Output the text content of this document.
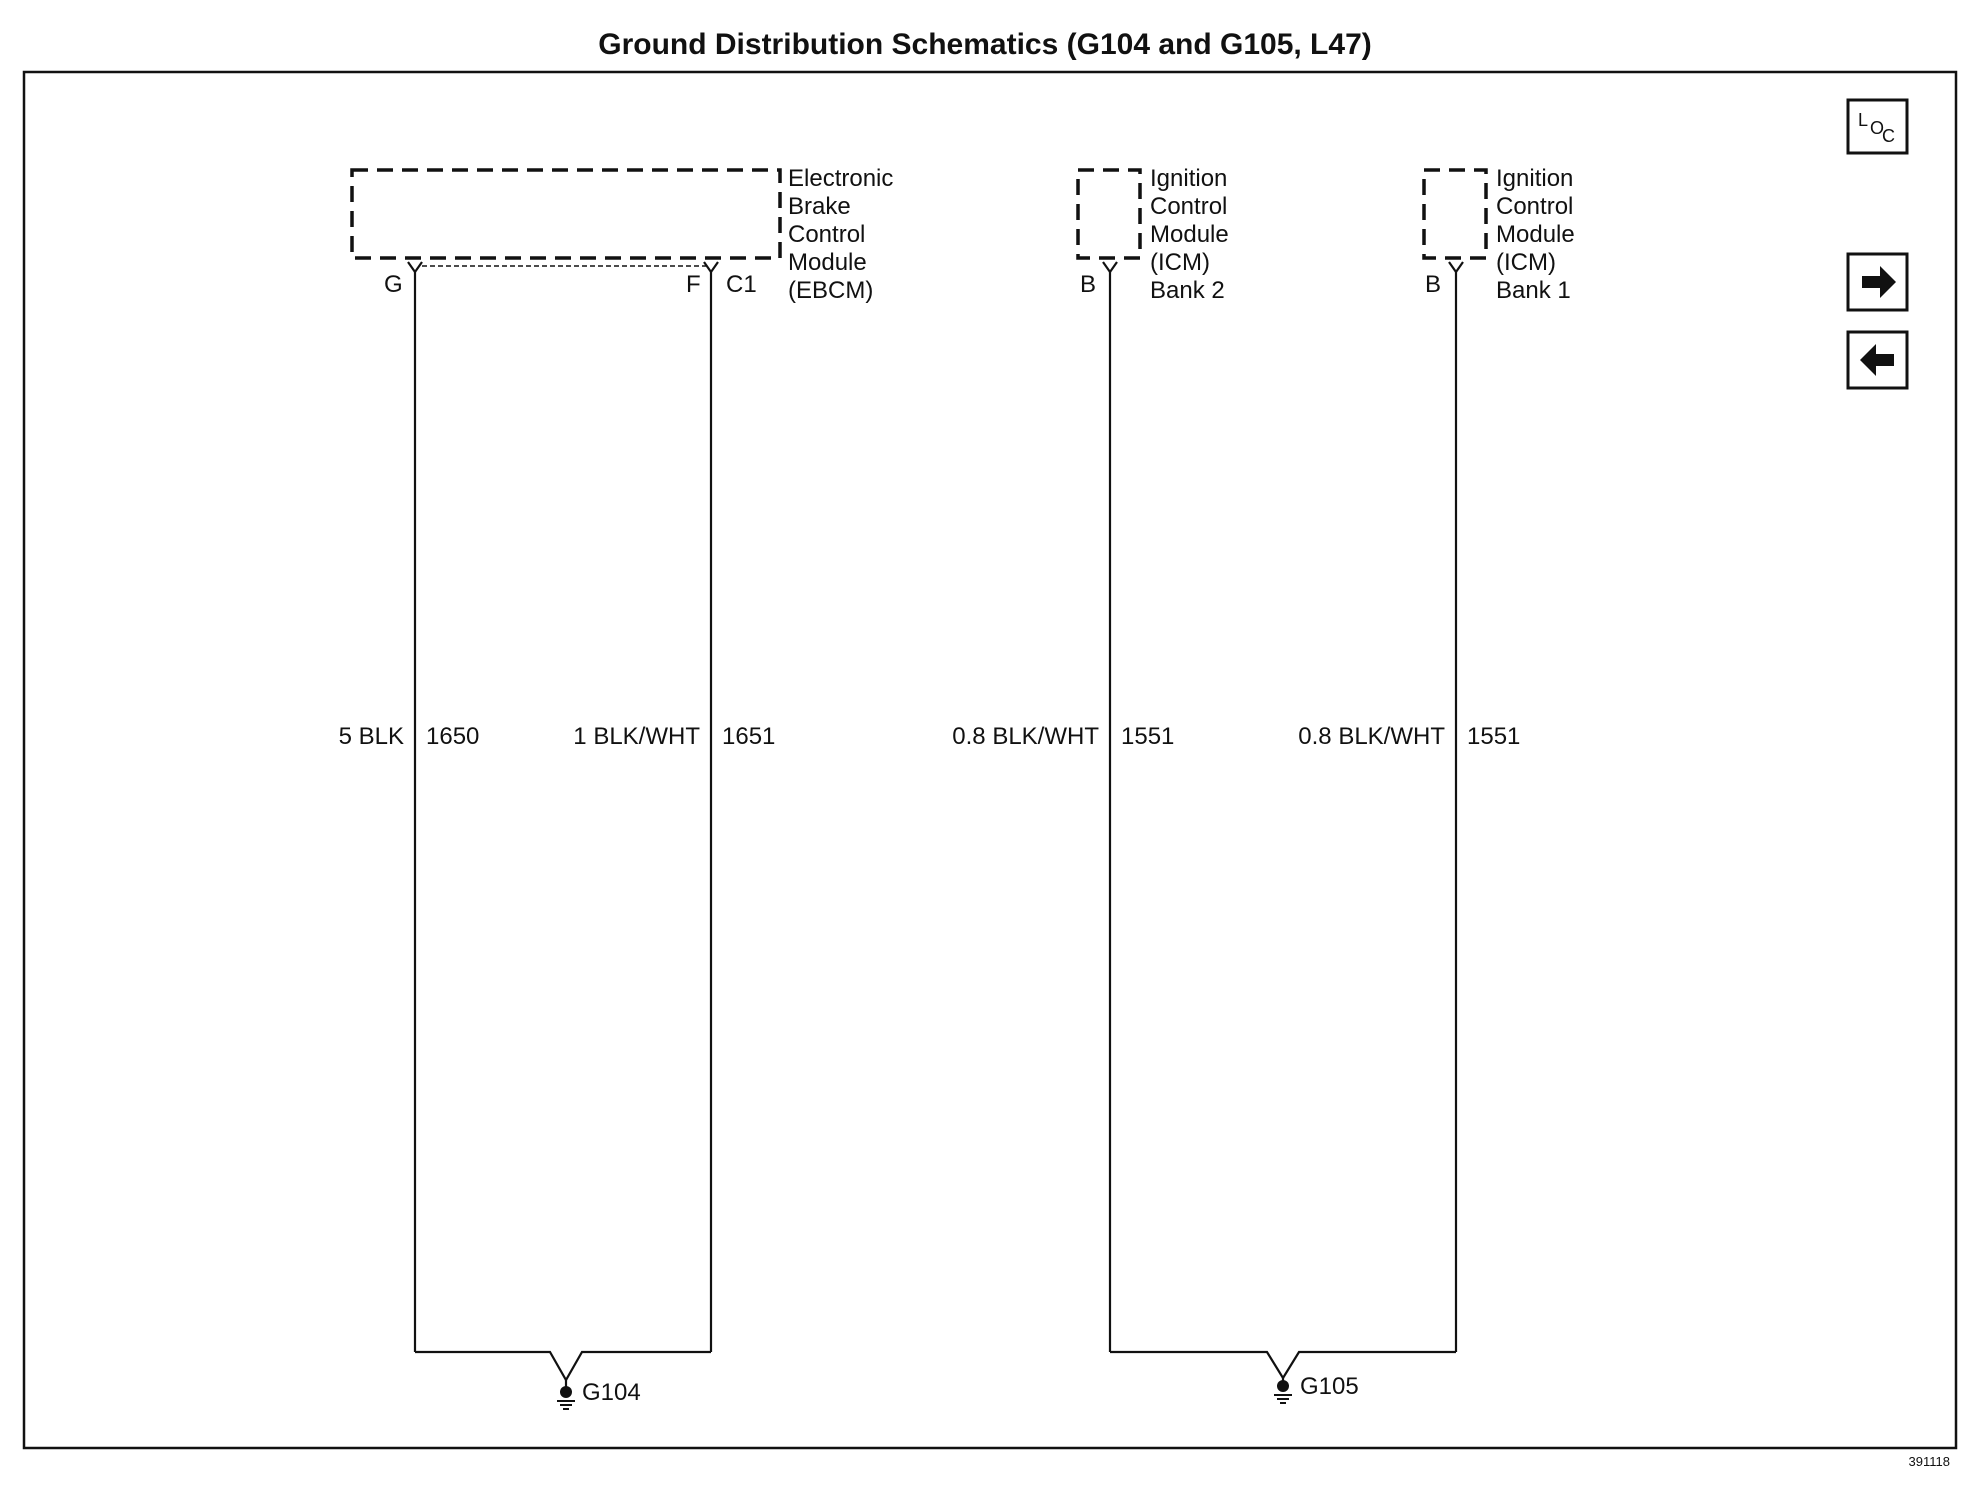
Ground Distribution Schematics (G104 and G105, L47)
L O
C
Electronic
Brake
Control
Module
(EBCM)
G
5 BLK 1650
F C1
1 BLK/WHT 1651
G104
Ignition
Control
Module
(ICM)
Bank 2
B
0.8 BLK/WHT 1551
Ignition
Control
Module
(ICM)
Bank 1
B
0.8 BLK/WHT 1551
G105
391118
